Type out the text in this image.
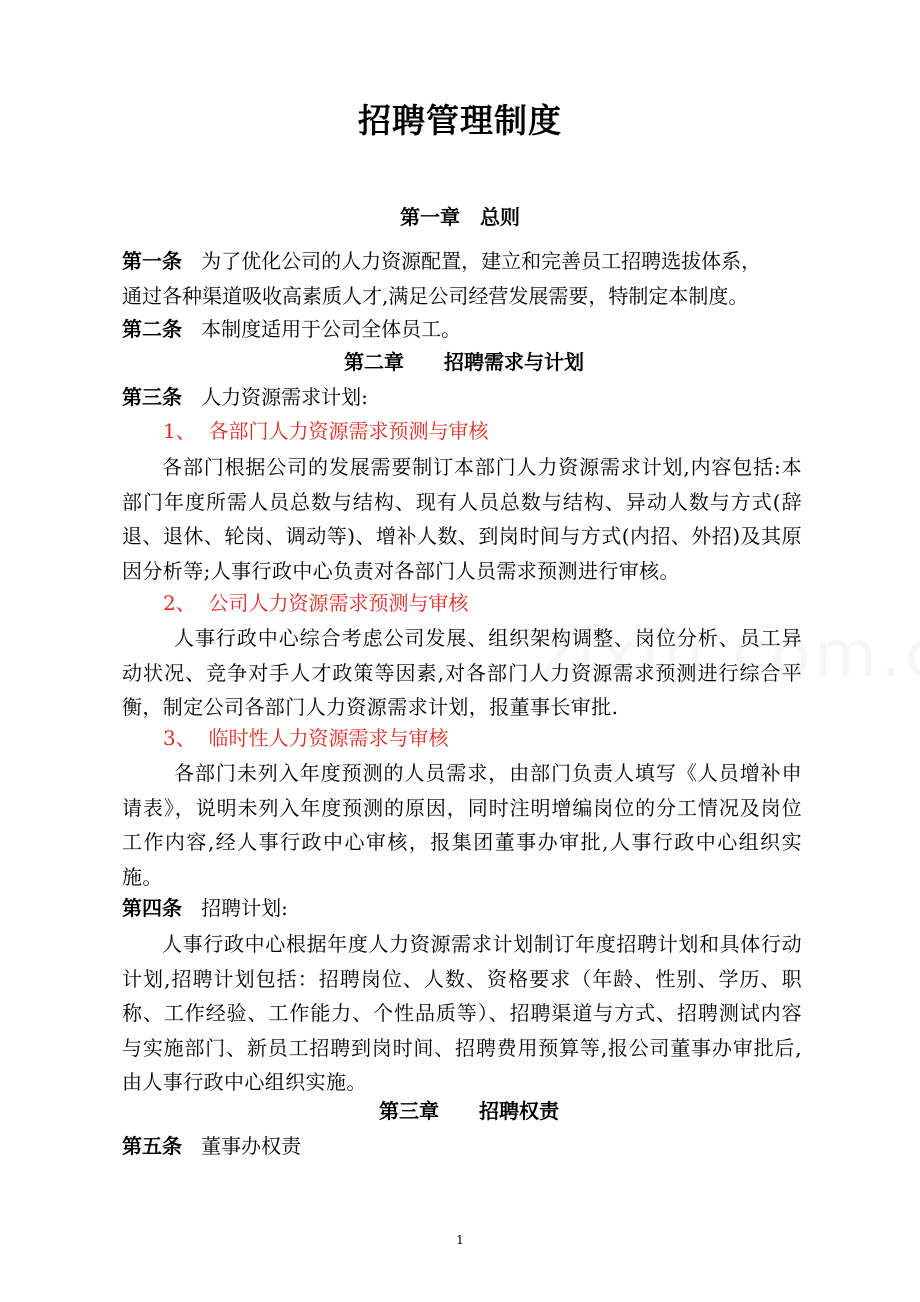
招聘管理制度
第一章　总则
第一条 为了优化公司的人力资源配置，建立和完善员工招聘选拔体系，
通过各种渠道吸收高素质人才,满足公司经营发展需要，特制定本制度。
第二条 本制度适用于公司全体员工。
第二章　　招聘需求与计划
第三条 人力资源需求计划:
1、  各部门人力资源需求预测与审核
各部门根据公司的发展需要制订本部门人力资源需求计划,内容包括:本部门年度所需人员总数与结构、现有人员总数与结构、异动人数与方式(辞退、退休、轮岗、调动等)、增补人数、到岗时间与方式(内招、外招)及其原因分析等;人事行政中心负责对各部门人员需求预测进行审核。
2、  公司人力资源需求预测与审核
人事行政中心综合考虑公司发展、组织架构调整、岗位分析、员工异动状况、竞争对手人才政策等因素,对各部门人力资源需求预测进行综合平衡，制定公司各部门人力资源需求计划，报董事长审批.
3、  临时性人力资源需求与审核
各部门未列入年度预测的人员需求，由部门负责人填写《人员增补申请表》，说明未列入年度预测的原因，同时注明增编岗位的分工情况及岗位工作内容,经人事行政中心审核，报集团董事办审批,人事行政中心组织实施。
第四条 招聘计划:
人事行政中心根据年度人力资源需求计划制订年度招聘计划和具体行动计划,招聘计划包括：招聘岗位、人数、资格要求（年龄、性别、学历、职称、工作经验、工作能力、个性品质等）、招聘渠道与方式、招聘测试内容与实施部门、新员工招聘到岗时间、招聘费用预算等,报公司董事办审批后,由人事行政中心组织实施。
第三章　　招聘权责
第五条 董事办权责
1
